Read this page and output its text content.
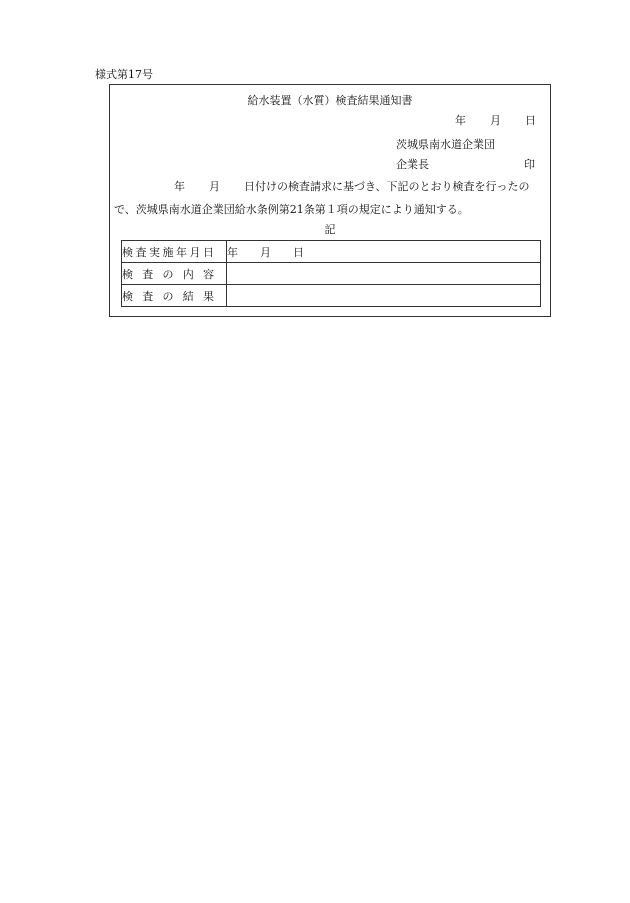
様式第17号
給水装置（水質）検査結果通知書
年 月 日
茨城県南水道企業団
企業長	印
年 月 日付けの検査請求に基づき、下記のとおり検査を行ったの
で、茨城県南水道企業団給水条例第21条第１項の規定により通知する。
記
検査実施年月日	年 月 日

検査の内容	

検査の結果	
